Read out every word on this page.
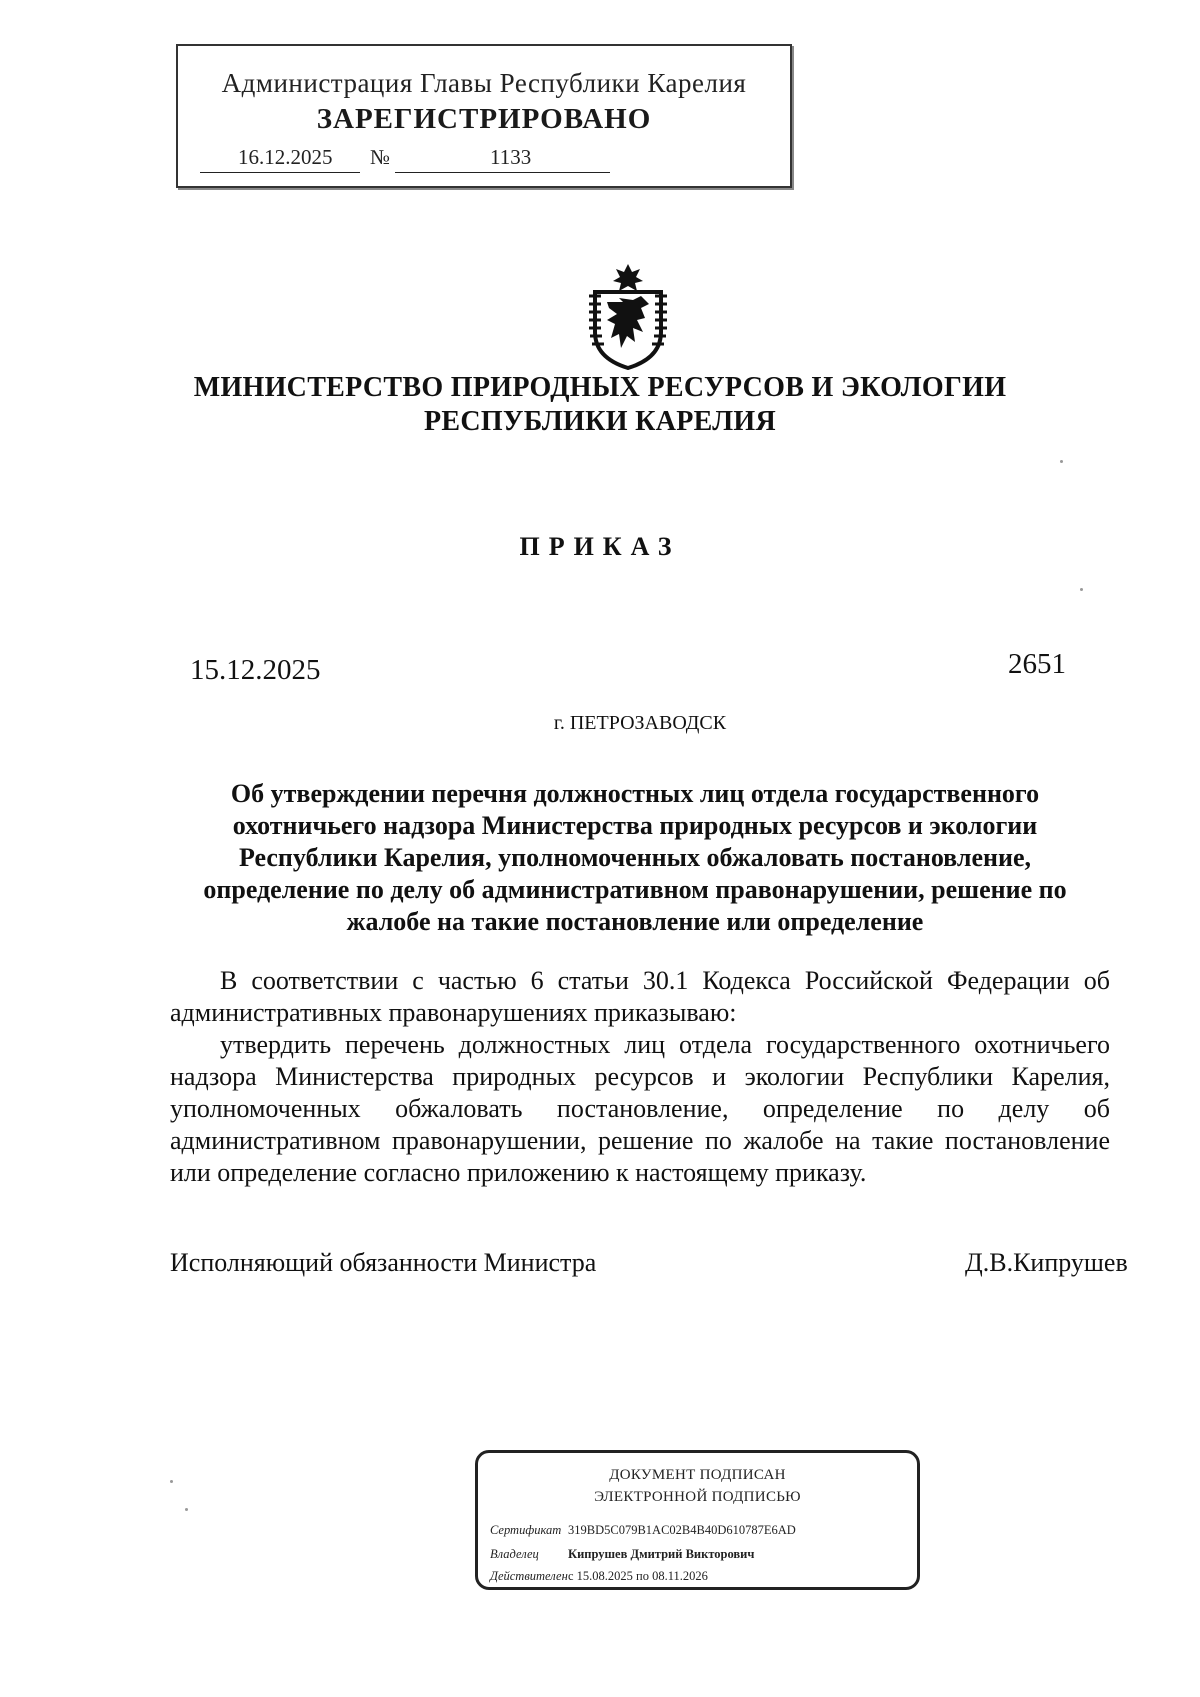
Администрация Главы Республики Карелия
ЗАРЕГИСТРИРОВАНО
16.12.2025 №	1133
МИНИСТЕРСТВО ПРИРОДНЫХ РЕСУРСОВ И ЭКОЛОГИИ
РЕСПУБЛИКИ КАРЕЛИЯ
ПРИКАЗ
15.12.2025	2651
г. ПЕТРОЗАВОДСК
Об утверждении перечня должностных лиц отдела государственного
охотничьего надзора Министерства природных ресурсов и экологии
Республики Карелия, уполномоченных обжаловать постановление,
определение по делу об административном правонарушении, решение по
жалобе на такие постановление или определение

В соответствии с частью 6 статьи 30.1 Кодекса Российской Федерации об административных правонарушениях приказываю:

утвердить перечень должностных лиц отдела государственного охотничьего надзора Министерства природных ресурсов и экологии Республики Карелия, уполномоченных обжаловать постановление, определение по делу об административном правонарушении, решение по жалобе на такие постановление или определение согласно приложению к настоящему приказу.

Исполняющий обязанности Министра	Д.В.Кипрушев
ДОКУМЕНТ ПОДПИСАН
ЭЛЕКТРОННОЙ ПОДПИСЬЮ
Сертификат 319BD5C079B1AC02B4B40D610787E6AD
Владелец Кипрушев Дмитрий Викторович
Действителенс 15.08.2025 по 08.11.2026
